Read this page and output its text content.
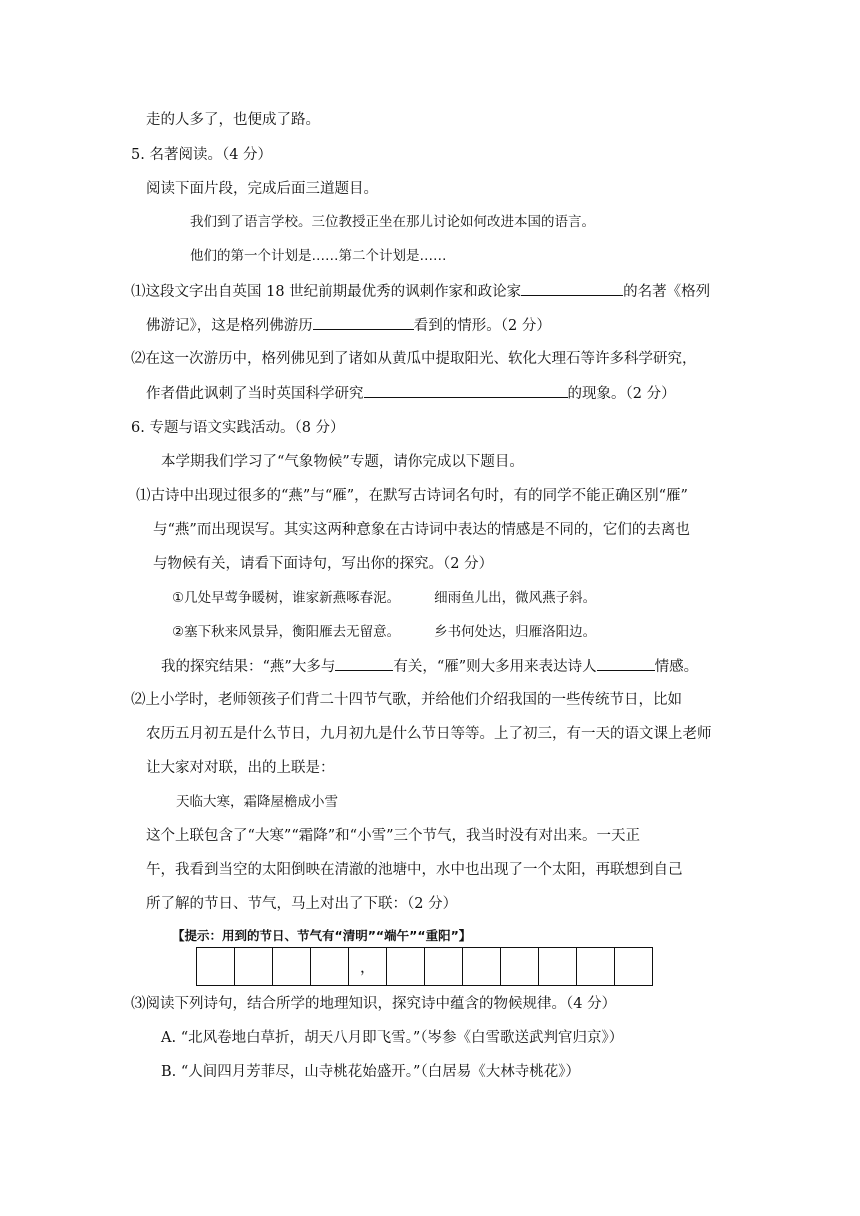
走的人多了，也便成了路。
5. 名著阅读。（4 分）
阅读下面片段，完成后面三道题目。
我们到了语言学校。三位教授正坐在那儿讨论如何改进本国的语言。
他们的第一个计划是……第二个计划是……
⑴这段文字出自英国 18 世纪前期最优秀的讽刺作家和政论家	的名著《格列
佛游记》，这是格列佛游历	看到的情形。（2 分）
⑵在这一次游历中，格列佛见到了诸如从黄瓜中提取阳光、软化大理石等许多科学研究，
作者借此讽刺了当时英国科学研究	的现象。（2 分）
6. 专题与语文实践活动。（8 分）
本学期我们学习了“气象物候”专题，请你完成以下题目。
⑴古诗中出现过很多的“燕”与“雁”，在默写古诗词名句时，有的同学不能正确区别“雁”
与“燕”而出现误写。其实这两种意象在古诗词中表达的情感是不同的，它们的去离也
与物候有关，请看下面诗句，写出你的探究。（2 分）
①几处早莺争暖树，谁家新燕啄春泥。	细雨鱼儿出，微风燕子斜。
②塞下秋来风景异，衡阳雁去无留意。	乡书何处达，归雁洛阳边。
我的探究结果：“燕”大多与	有关，“雁”则大多用来表达诗人	情感。
⑵上小学时，老师领孩子们背二十四节气歌，并给他们介绍我国的一些传统节日，比如
农历五月初五是什么节日，九月初九是什么节日等等。上了初三，有一天的语文课上老师
让大家对对联，出的上联是：
天临大寒，霜降屋檐成小雪
这个上联包含了“大寒”“霜降”和“小雪”三个节气，我当时没有对出来。一天正
午，我看到当空的太阳倒映在清澈的池塘中，水中也出现了一个太阳，再联想到自己
所了解的节日、节气，马上对出了下联：（2 分）
【提示：用到的节日、节气有“清明”“端午”“重阳”】
				，							
⑶阅读下列诗句，结合所学的地理知识，探究诗中蕴含的物候规律。（4 分）
A. “北风卷地白草折，胡天八月即飞雪。”（岑参《白雪歌送武判官归京》）
B. “人间四月芳菲尽，山寺桃花始盛开。”（白居易《大林寺桃花》）
